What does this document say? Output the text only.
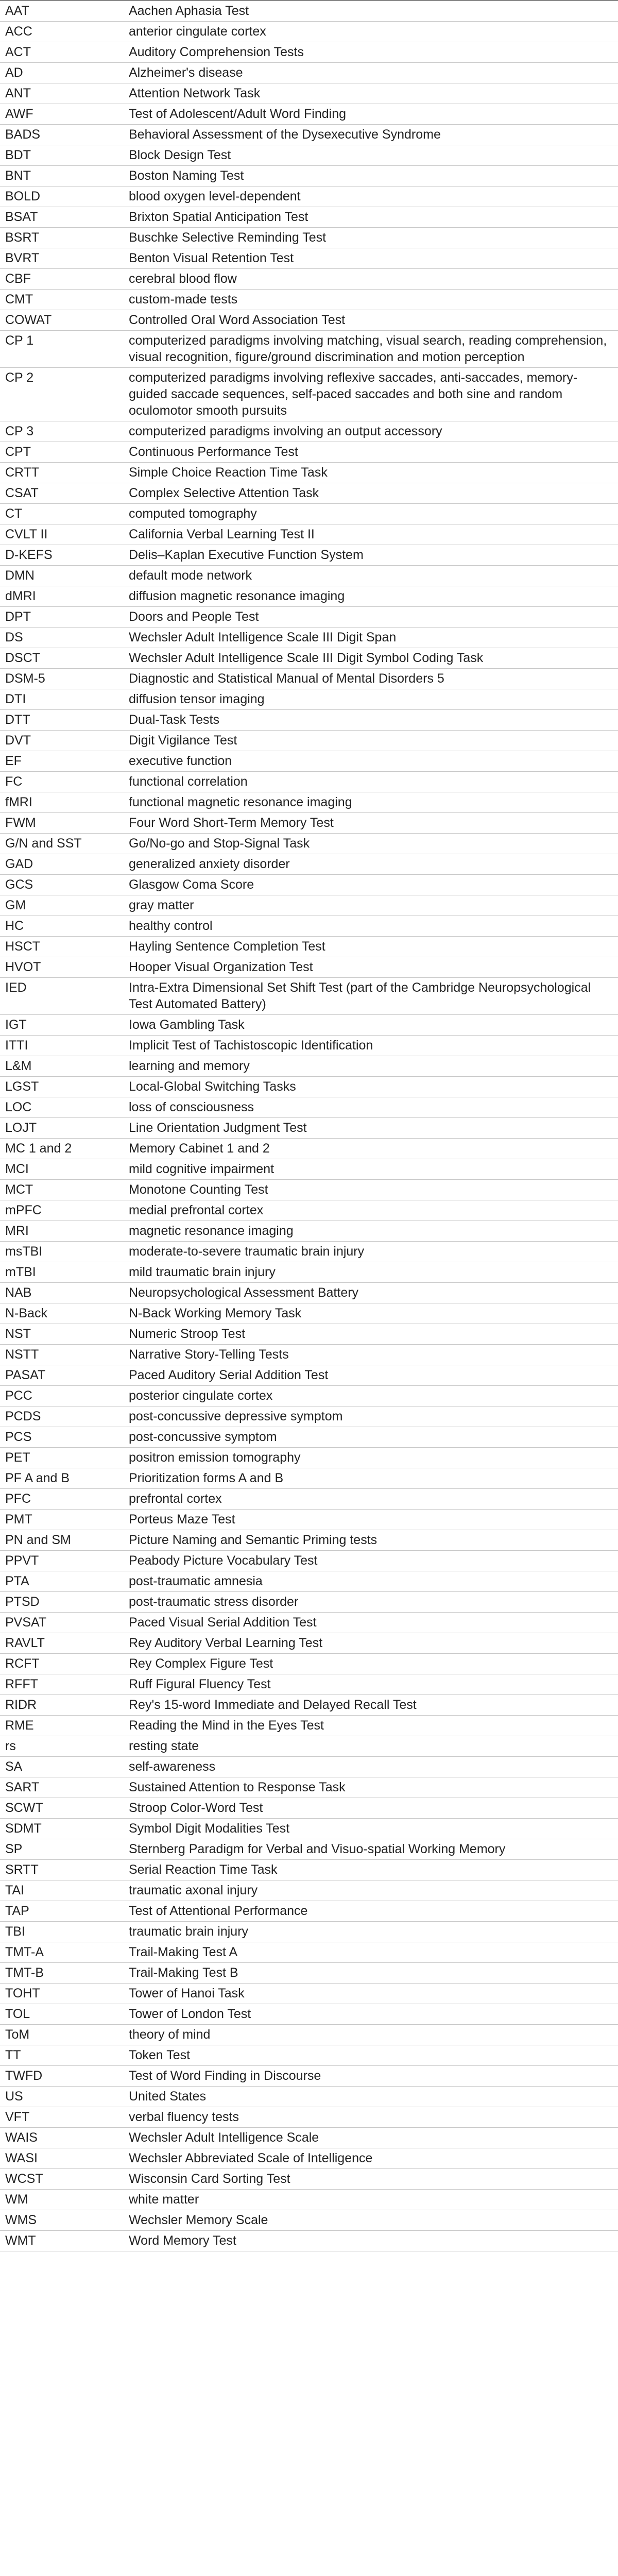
AAT	Aachen Aphasia Test
ACC	anterior cingulate cortex
ACT	Auditory Comprehension Tests
AD	Alzheimer's disease
ANT	Attention Network Task
AWF	Test of Adolescent/Adult Word Finding
BADS	Behavioral Assessment of the Dysexecutive Syndrome
BDT	Block Design Test
BNT	Boston Naming Test
BOLD	blood oxygen level-dependent
BSAT	Brixton Spatial Anticipation Test
BSRT	Buschke Selective Reminding Test
BVRT	Benton Visual Retention Test
CBF	cerebral blood flow
CMT	custom-made tests
COWAT	Controlled Oral Word Association Test
CP 1	computerized paradigms involving matching, visual search, reading comprehension, visual recognition, figure/ground discrimination and motion perception
CP 2	computerized paradigms involving reflexive saccades, anti-saccades, memory-guided saccade sequences, self-paced saccades and both sine and random oculomotor smooth pursuits
CP 3	computerized paradigms involving an output accessory
CPT	Continuous Performance Test
CRTT	Simple Choice Reaction Time Task
CSAT	Complex Selective Attention Task
CT	computed tomography
CVLT II	California Verbal Learning Test II
D-KEFS	Delis–Kaplan Executive Function System
DMN	default mode network
dMRI	diffusion magnetic resonance imaging
DPT	Doors and People Test
DS	Wechsler Adult Intelligence Scale III Digit Span
DSCT	Wechsler Adult Intelligence Scale III Digit Symbol Coding Task
DSM-5	Diagnostic and Statistical Manual of Mental Disorders 5
DTI	diffusion tensor imaging
DTT	Dual-Task Tests
DVT	Digit Vigilance Test
EF	executive function
FC	functional correlation
fMRI	functional magnetic resonance imaging
FWM	Four Word Short-Term Memory Test
G/N and SST	Go/No-go and Stop-Signal Task
GAD	generalized anxiety disorder
GCS	Glasgow Coma Score
GM	gray matter
HC	healthy control
HSCT	Hayling Sentence Completion Test
HVOT	Hooper Visual Organization Test
IED	Intra-Extra Dimensional Set Shift Test (part of the Cambridge Neuropsychological Test Automated Battery)
IGT	Iowa Gambling Task
ITTI	Implicit Test of Tachistoscopic Identification
L&M	learning and memory
LGST	Local-Global Switching Tasks
LOC	loss of consciousness
LOJT	Line Orientation Judgment Test
MC 1 and 2	Memory Cabinet 1 and 2
MCI	mild cognitive impairment
MCT	Monotone Counting Test
mPFC	medial prefrontal cortex
MRI	magnetic resonance imaging
msTBI	moderate-to-severe traumatic brain injury
mTBI	mild traumatic brain injury
NAB	Neuropsychological Assessment Battery
N-Back	N-Back Working Memory Task
NST	Numeric Stroop Test
NSTT	Narrative Story-Telling Tests
PASAT	Paced Auditory Serial Addition Test
PCC	posterior cingulate cortex
PCDS	post-concussive depressive symptom
PCS	post-concussive symptom
PET	positron emission tomography
PF A and B	Prioritization forms A and B
PFC	prefrontal cortex
PMT	Porteus Maze Test
PN and SM	Picture Naming and Semantic Priming tests
PPVT	Peabody Picture Vocabulary Test
PTA	post-traumatic amnesia
PTSD	post-traumatic stress disorder
PVSAT	Paced Visual Serial Addition Test
RAVLT	Rey Auditory Verbal Learning Test
RCFT	Rey Complex Figure Test
RFFT	Ruff Figural Fluency Test
RIDR	Rey's 15-word Immediate and Delayed Recall Test
RME	Reading the Mind in the Eyes Test
rs	resting state
SA	self-awareness
SART	Sustained Attention to Response Task
SCWT	Stroop Color-Word Test
SDMT	Symbol Digit Modalities Test
SP	Sternberg Paradigm for Verbal and Visuo-spatial Working Memory
SRTT	Serial Reaction Time Task
TAI	traumatic axonal injury
TAP	Test of Attentional Performance
TBI	traumatic brain injury
TMT-A	Trail-Making Test A
TMT-B	Trail-Making Test B
TOHT	Tower of Hanoi Task
TOL	Tower of London Test
ToM	theory of mind
TT	Token Test
TWFD	Test of Word Finding in Discourse
US	United States
VFT	verbal fluency tests
WAIS	Wechsler Adult Intelligence Scale
WASI	Wechsler Abbreviated Scale of Intelligence
WCST	Wisconsin Card Sorting Test
WM	white matter
WMS	Wechsler Memory Scale
WMT	Word Memory Test
